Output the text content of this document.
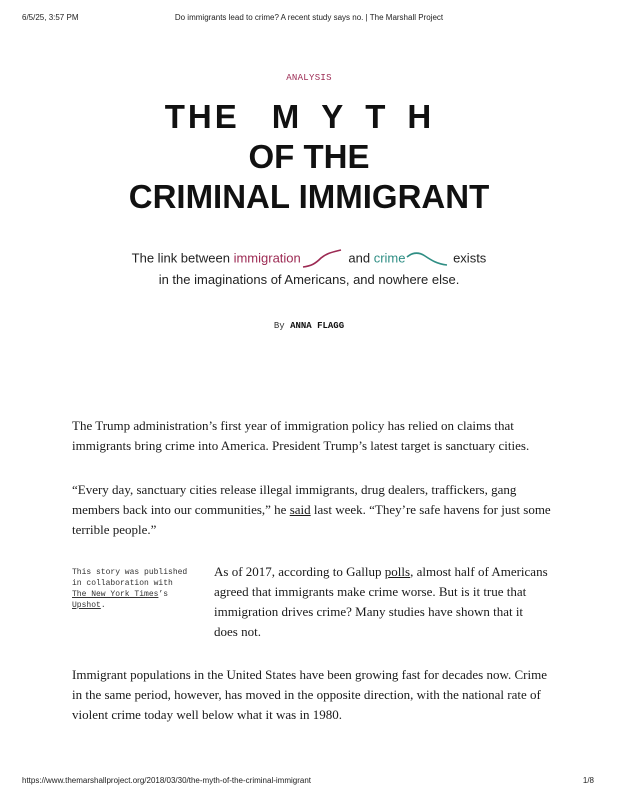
6/5/25, 3:57 PM	Do immigrants lead to crime? A recent study says no. | The Marshall Project
ANALYSIS
THE MYTH
OF THE
CRIMINAL IMMIGRANT
The link between immigration	and crime	exists
in the imaginations of Americans, and nowhere else.
By ANNA FLAGG
The Trump administration’s first year of immigration policy has relied on claims that immigrants bring crime into America. President Trump’s latest target is sanctuary cities.
“Every day, sanctuary cities release illegal immigrants, drug dealers, traffickers, gang members back into our communities,” he said last week. “They’re safe havens for just some terrible people.”
This story was published in collaboration with The New York Times’s Upshot.
As of 2017, according to Gallup polls, almost half of Americans agreed that immigrants make crime worse. But is it true that immigration drives crime? Many studies have shown that it does not.
Immigrant populations in the United States have been growing fast for decades now. Crime in the same period, however, has moved in the opposite direction, with the national rate of violent crime today well below what it was in 1980.
https://www.themarshallproject.org/2018/03/30/the-myth-of-the-criminal-immigrant	1/8
